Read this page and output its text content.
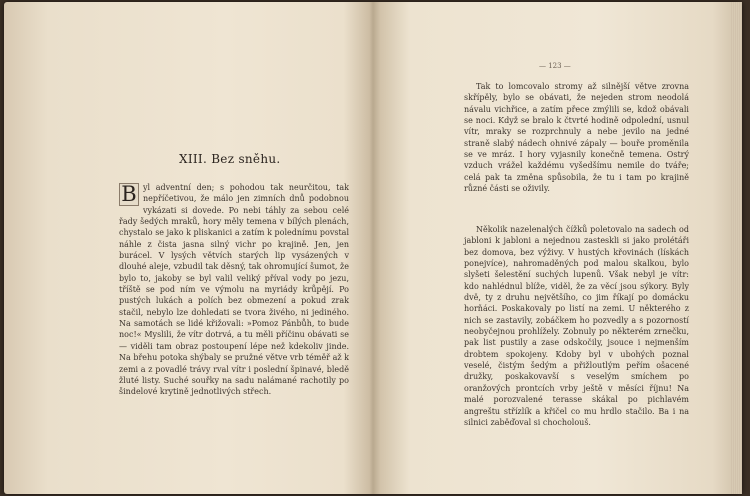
XIII. Bez sněhu.
B yl adventní den; s pohodou tak neurčitou, tak nepříčetivou, že málo jen zimních dnů podobnou vykázati si dovede. Po nebi táhly za sebou celé řady šedých mraků, hory měly temena v bílých plenách, chystalo se jako k pliskanici a zatím k polednímu povstal náhle z čista jasna silný vichr po krajině. Jen, jen burácel. V lysých větvích starých lip vysázených v dlouhé aleje, vzbudil tak děsný, tak ohromující šumot, že bylo to, jakoby se byl valil veliký příval vody po jezu, tříště se pod ním ve výmolu na myriády krůpějí. Po pustých lukách a polích bez obmezení a pokud zrak stačil, nebylo lze dohledati se tvora živého, ni jediného. Na samotách se lidé křižovali: »Pomoz Pánbůh, to bude noc!« Myslili, že vítr dotrvá, a tu měli příčinu obávati se — viděli tam obraz postoupení lépe než kdekoliv jinde. Na břehu potoka shýbaly se pružné větve vrb téměř až k zemi a z povadlé trávy rval vítr i poslední špinavé, bledě žluté listy. Suché souřky na sadu nalámané rachotily po šindelové krytině jednotlivých střech.
— 123 —
Tak to lomcovalo stromy až silnější větve zrovna skřípěly, bylo se obávati, že nejeden strom neodolá návalu vichřice, a zatím přece zmýlili se, kdož obávali se noci. Když se bralo k čtvrté hodině odpolední, usnul vítr, mraky se rozprchnuly a nebe jevilo na jedné straně slabý nádech ohnivé zápaly — bouře proměnila se ve mráz. I hory vyjasnily konečně temena. Ostrý vzduch vrážel každému vyšedšímu nemile do tváře; celá pak ta změna spůsobila, že tu i tam po krajině různé části se oživily.
Několik nazelenalých čížků poletovalo na sadech od jabloni k jabloni a nejednou zasteskli si jako prolétáři bez domova, bez výživy. V hustých křovinách (lískách ponejvíce), nahromaděných pod malou skalkou, bylo slyšeti šelestění suchých lupenů. Však nebyl je vítr: kdo nahlédnul blíže, viděl, že za věcí jsou sýkory. Byly dvě, ty z druhu největšího, co jim říkají po domácku horňáci. Poskakovaly po listí na zemi. U některého z nich se zastavily, zobáčkem ho pozvedly a s pozorností neobyčejnou prohlížely. Zobnuly po některém zrnečku, pak list pustily a zase odskočily, jsouce i nejmenším drobtem spokojeny. Kdoby byl v ubohých poznal veselé, čistým šedým a přižloutlým peřím ošacené družky, poskakovavší s veselým smíchem po oranžových prontcích vrby ještě v měsíci říjnu! Na malé porozvalené terasse skákal po pichlavém angreštu střízlík a křičel co mu hrdlo stačilo. Ba i na silnici zaběďoval si chocholouš.
